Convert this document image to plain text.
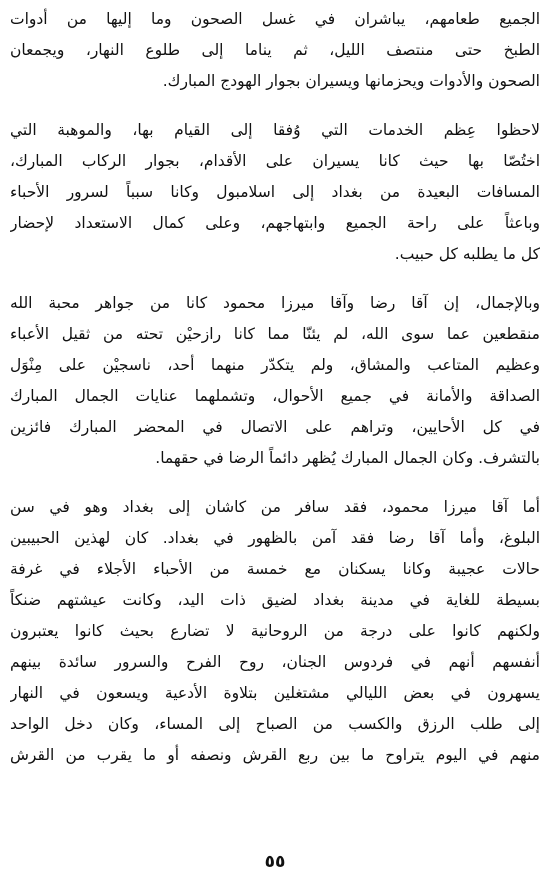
الجميع طعامهم، يباشران في غسل الصحون وما إليها من أدوات
الطبخ حتى منتصف الليل، ثم يناما إلى طلوع النهار، ويجمعان
الصحون والأدوات ويحزمانها ويسيران بجوار الهودج المبارك.
لاحظوا عِظم الخدمات التي وُفقا إلى القيام بها، والموهبة التي
اختُصّا بها حيث كانا يسيران على الأقدام، بجوار الركاب المبارك،
المسافات البعيدة من بغداد إلى اسلامبول وكانا سبباً لسرور الأحباء
وباعثاً على راحة الجميع وابتهاجهم، وعلى كمال الاستعداد لإحضار
كل ما يطلبه كل حبيب.
وبالإجمال، إن آقا رضا وآقا ميرزا محمود كانا من جواهر محبة الله
منقطعين عما سوى الله، لم يئنّا مما كانا رازحيْن تحته من ثقيل الأعباء
وعظيم المتاعب والمشاق، ولم يتكدّر منهما أحد، ناسجيْن على مِنْوَل
الصداقة والأمانة في جميع الأحوال، وتشملهما عنايات الجمال المبارك
في كل الأحايين، وتراهم على الاتصال في المحضر المبارك فائزين
بالتشرف. وكان الجمال المبارك يُظهر دائماً الرضا في حقهما.
أما آقا ميرزا محمود، فقد سافر من كاشان إلى بغداد وهو في سن
البلوغ، وأما آقا رضا فقد آمن بالظهور في بغداد. كان لهذين الحبيبين
حالات عجيبة وكانا يسكنان مع خمسة من الأحباء الأجلاء في غرفة
بسيطة للغاية في مدينة بغداد لضيق ذات اليد، وكانت عيشتهم ضنكاً
ولكنهم كانوا على درجة من الروحانية لا تضارع بحيث كانوا يعتبرون
أنفسهم أنهم في فردوس الجنان، روح الفرح والسرور سائدة بينهم
يسهرون في بعض الليالي مشتغلين بتلاوة الأدعية ويسعون في النهار
إلى طلب الرزق والكسب من الصباح إلى المساء، وكان دخل الواحد
منهم في اليوم يتراوح ما بين ربع القرش ونصفه أو ما يقرب من القرش
٥٥
